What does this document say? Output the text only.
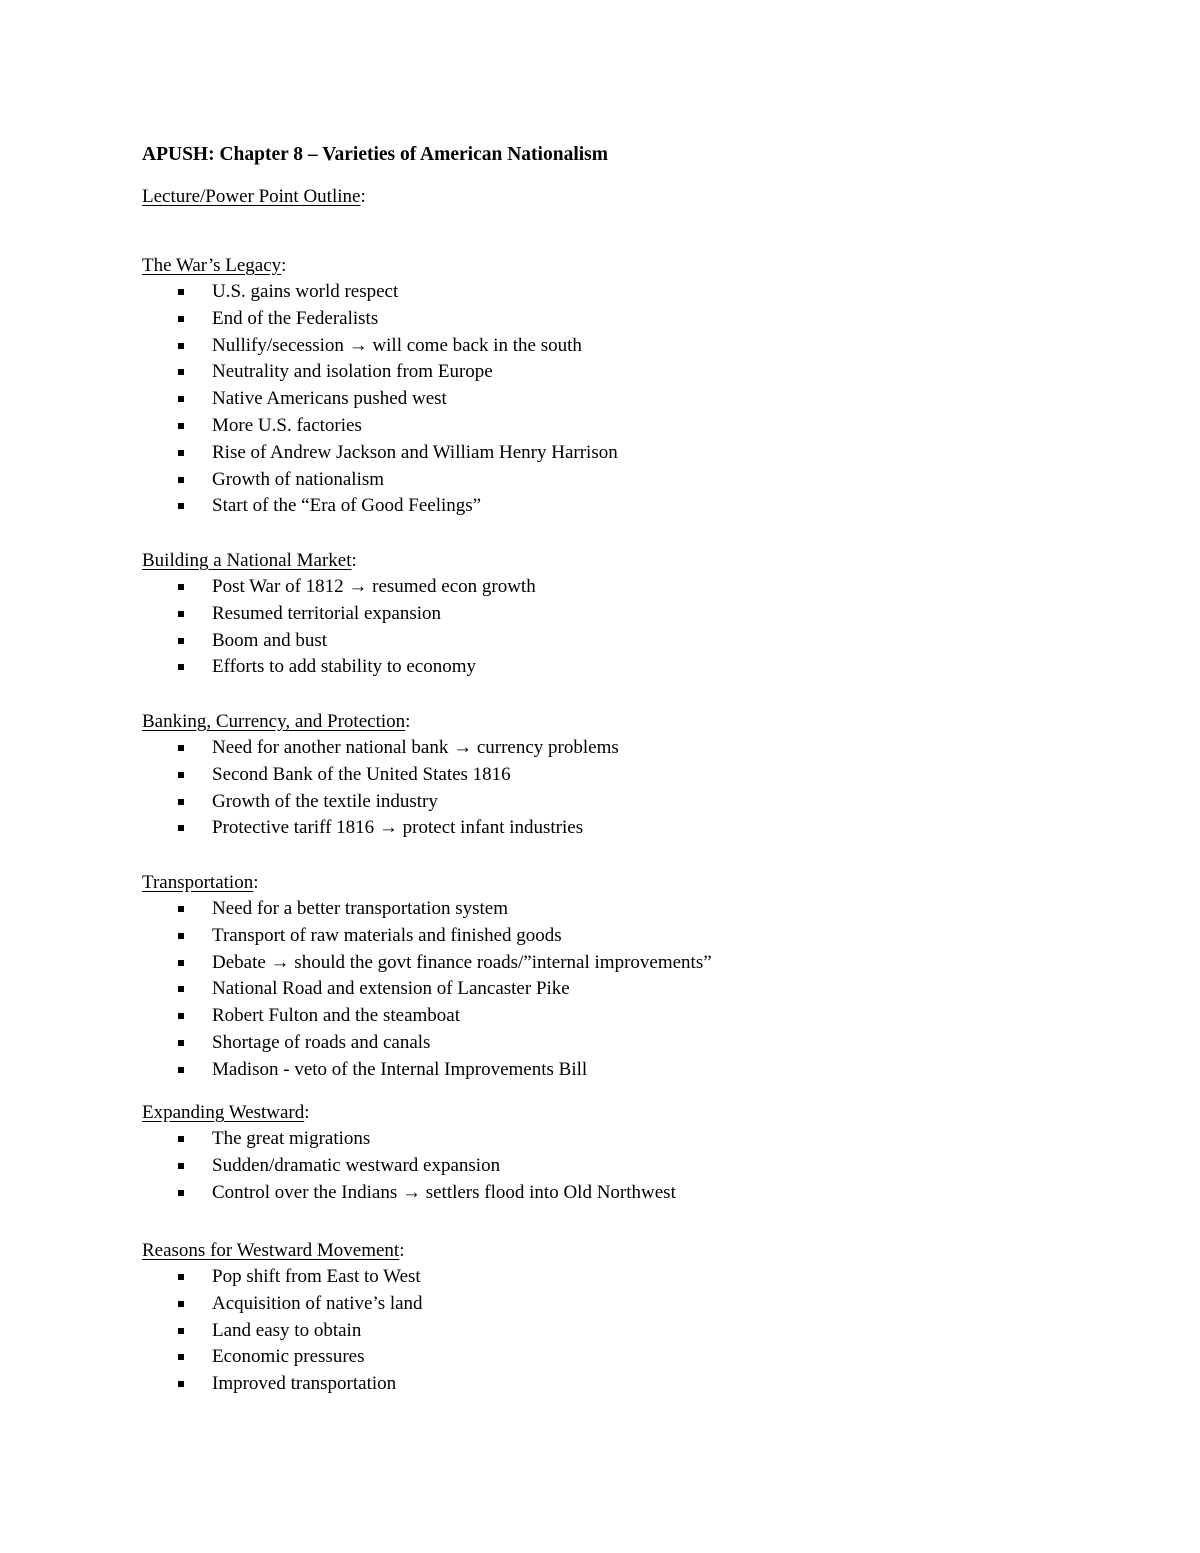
APUSH: Chapter 8 – Varieties of American Nationalism
Lecture/Power Point Outline:
The War’s Legacy:
U.S. gains world respect
End of the Federalists
Nullify/secession → will come back in the south
Neutrality and isolation from Europe
Native Americans pushed west
More U.S. factories
Rise of Andrew Jackson and William Henry Harrison
Growth of nationalism
Start of the “Era of Good Feelings”
Building a National Market:
Post War of 1812 → resumed econ growth
Resumed territorial expansion
Boom and bust
Efforts to add stability to economy
Banking, Currency, and Protection:
Need for another national bank → currency problems
Second Bank of the United States 1816
Growth of the textile industry
Protective tariff 1816 → protect infant industries
Transportation:
Need for a better transportation system
Transport of raw materials and finished goods
Debate → should the govt finance roads/”internal improvements”
National Road and extension of Lancaster Pike
Robert Fulton and the steamboat
Shortage of roads and canals
Madison - veto of the Internal Improvements Bill
Expanding Westward:
The great migrations
Sudden/dramatic westward expansion
Control over the Indians → settlers flood into Old Northwest
Reasons for Westward Movement:
Pop shift from East to West
Acquisition of native’s land
Land easy to obtain
Economic pressures
Improved transportation
